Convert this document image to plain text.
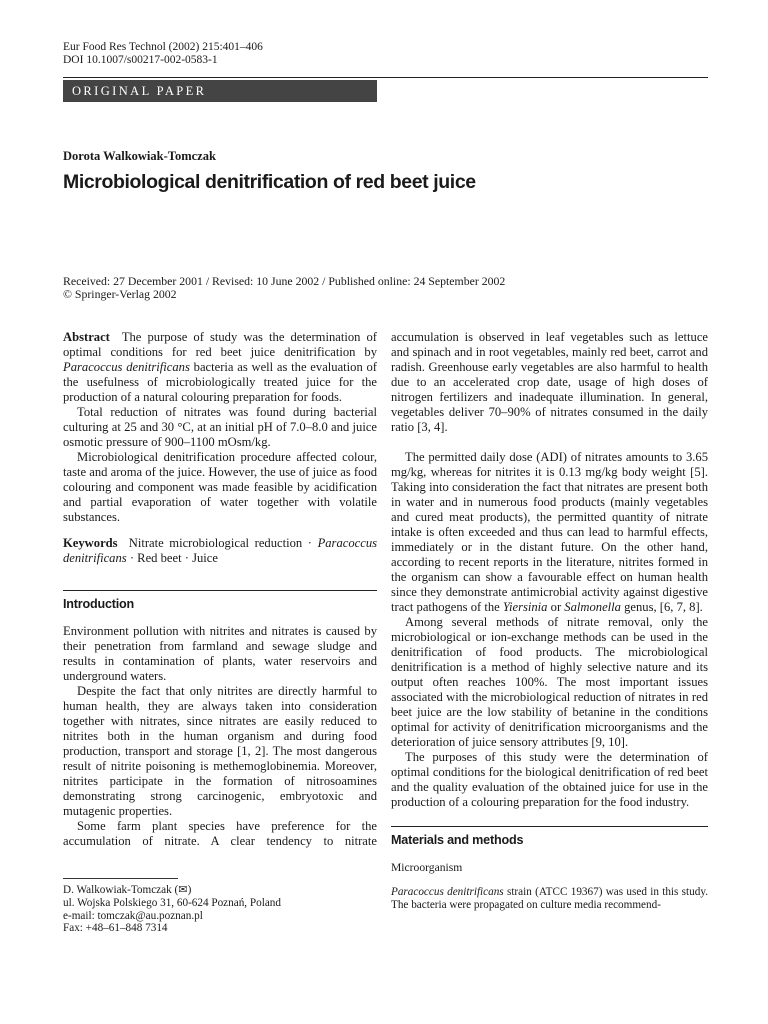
Eur Food Res Technol (2002) 215:401–406
DOI 10.1007/s00217-002-0583-1
ORIGINAL PAPER
Dorota Walkowiak-Tomczak
Microbiological denitrification of red beet juice
Received: 27 December 2001 / Revised: 10 June 2002 / Published online: 24 September 2002
© Springer-Verlag 2002

Abstract The purpose of study was the determination of optimal conditions for red beet juice denitrification by Paracoccus denitrificans bacteria as well as the evaluation of the usefulness of microbiologically treated juice for the production of a natural colouring preparation for foods.

Total reduction of nitrates was found during bacterial culturing at 25 and 30 °C, at an initial pH of 7.0–8.0 and juice osmotic pressure of 900–1100 mOsm/kg.

Microbiological denitrification procedure affected colour, taste and aroma of the juice. However, the use of juice as food colouring and component was made feasible by acidification and partial evaporation of water together with volatile substances.

Keywords Nitrate microbiological reduction · Paracoccus denitrificans · Red beet · Juice

Introduction

Environment pollution with nitrites and nitrates is caused by their penetration from farmland and sewage sludge and results in contamination of plants, water reservoirs and underground waters.

Despite the fact that only nitrites are directly harmful to human health, they are always taken into consideration together with nitrates, since nitrates are easily reduced to nitrites both in the human organism and during food production, transport and storage [1, 2]. The most dangerous result of nitrite poisoning is methemoglobinemia. Moreover, nitrites participate in the formation of nitrosoamines demonstrating strong carcinogenic, embryotoxic and mutagenic properties.

Some farm plant species have preference for the accumulation of nitrate. A clear tendency to nitrate

D. Walkowiak-Tomczak (✉)
ul. Wojska Polskiego 31, 60-624 Poznań, Poland
e-mail: tomczak@au.poznan.pl
Fax: +48–61–848 7314

accumulation is observed in leaf vegetables such as lettuce and spinach and in root vegetables, mainly red beet, carrot and radish. Greenhouse early vegetables are also harmful to health due to an accelerated crop date, usage of high doses of nitrogen fertilizers and inadequate illumination. In general, vegetables deliver 70–90% of nitrates consumed in the daily ratio [3, 4].

The permitted daily dose (ADI) of nitrates amounts to 3.65 mg/kg, whereas for nitrites it is 0.13 mg/kg body weight [5]. Taking into consideration the fact that nitrates are present both in water and in numerous food products (mainly vegetables and cured meat products), the permitted quantity of nitrate intake is often exceeded and thus can lead to harmful effects, immediately or in the distant future. On the other hand, according to recent reports in the literature, nitrites formed in the organism can show a favourable effect on human health since they demonstrate antimicrobial activity against digestive tract pathogens of the Yiersinia or Salmonella genus, [6, 7, 8].

Among several methods of nitrate removal, only the microbiological or ion-exchange methods can be used in the denitrification of food products. The microbiological denitrification is a method of highly selective nature and its output often reaches 100%. The most important issues associated with the microbiological reduction of nitrates in red beet juice are the low stability of betanine in the conditions optimal for activity of denitrification microorganisms and the deterioration of juice sensory attributes [9, 10].

The purposes of this study were the determination of optimal conditions for the biological denitrification of red beet and the quality evaluation of the obtained juice for use in the production of a colouring preparation for the food industry.

Materials and methods

Microorganism

Paracoccus denitrificans strain (ATCC 19367) was used in this study. The bacteria were propagated on culture media recommend-
